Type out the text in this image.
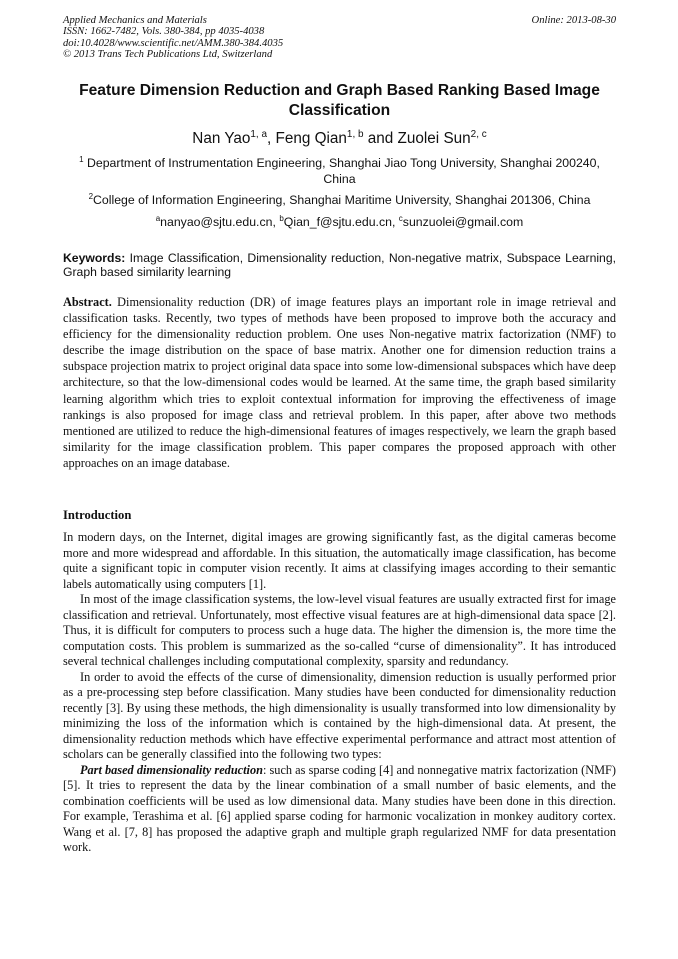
Applied Mechanics and Materials
ISSN: 1662-7482, Vols. 380-384, pp 4035-4038
doi:10.4028/www.scientific.net/AMM.380-384.4035
© 2013 Trans Tech Publications Ltd, Switzerland
Online: 2013-08-30
Feature Dimension Reduction and Graph Based Ranking Based Image Classification
Nan Yao$^{1, a}$, Feng Qian$^{1, b}$ and Zuolei Sun$^{2, c}$
$^1$ Department of Instrumentation Engineering, Shanghai Jiao Tong University, Shanghai 200240, China
$^2$College of Information Engineering, Shanghai Maritime University, Shanghai 201306, China
$^a$nanyao@sjtu.edu.cn, $^b$Qian_f@sjtu.edu.cn, $^c$sunzuolei@gmail.com
Keywords: Image Classification, Dimensionality reduction, Non-negative matrix, Subspace Learning, Graph based similarity learning
Abstract. Dimensionality reduction (DR) of image features plays an important role in image retrieval and classification tasks. Recently, two types of methods have been proposed to improve both the accuracy and efficiency for the dimensionality reduction problem. One uses Non-negative matrix factorization (NMF) to describe the image distribution on the space of base matrix. Another one for dimension reduction trains a subspace projection matrix to project original data space into some low-dimensional subspaces which have deep architecture, so that the low-dimensional codes would be learned. At the same time, the graph based similarity learning algorithm which tries to exploit contextual information for improving the effectiveness of image rankings is also proposed for image class and retrieval problem. In this paper, after above two methods mentioned are utilized to reduce the high-dimensional features of images respectively, we learn the graph based similarity for the image classification problem. This paper compares the proposed approach with other approaches on an image database.
Introduction

In modern days, on the Internet, digital images are growing significantly fast, as the digital cameras become more and more widespread and affordable. In this situation, the automatically image classification, has become quite a significant topic in computer vision recently. It aims at classifying images according to their semantic labels automatically using computers [1].

In most of the image classification systems, the low-level visual features are usually extracted first for image classification and retrieval. Unfortunately, most effective visual features are at high-dimensional data space [2]. Thus, it is difficult for computers to process such a huge data. The higher the dimension is, the more time the computation costs. This problem is summarized as the so-called “curse of dimensionality”. It has introduced several technical challenges including computational complexity, sparsity and redundancy.

In order to avoid the effects of the curse of dimensionality, dimension reduction is usually performed prior as a pre-processing step before classification. Many studies have been conducted for dimensionality reduction recently [3]. By using these methods, the high dimensionality is usually transformed into low dimensionality by minimizing the loss of the information which is contained by the high-dimensional data. At present, the dimensionality reduction methods which have effective experimental performance and attract most attention of scholars can be generally classified into the following two types:

Part based dimensionality reduction: such as sparse coding [4] and nonnegative matrix factorization (NMF) [5]. It tries to represent the data by the linear combination of a small number of basic elements, and the combination coefficients will be used as low dimensional data. Many studies have been done in this direction. For example, Terashima et al. [6] applied sparse coding for harmonic vocalization in monkey auditory cortex. Wang et al. [7, 8] has proposed the adaptive graph and multiple graph regularized NMF for data presentation work.
